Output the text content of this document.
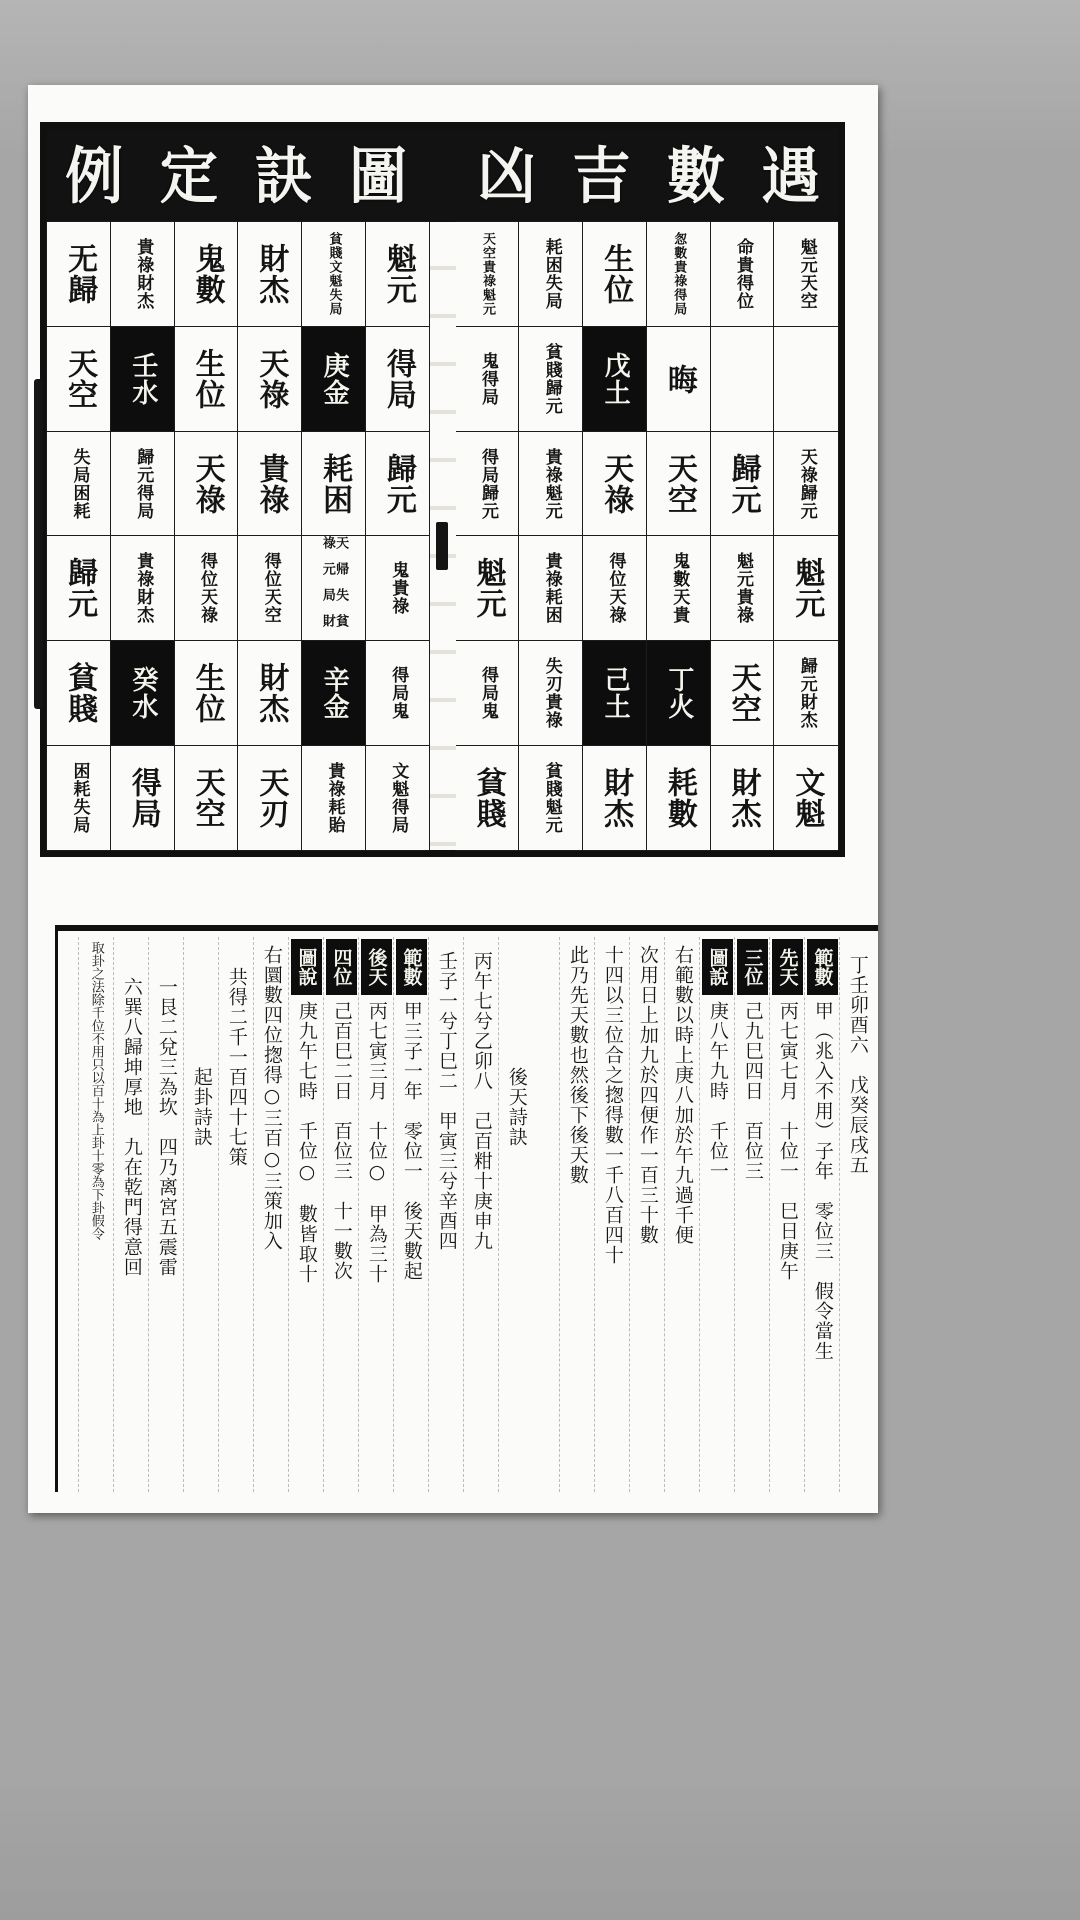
例 定 訣 圖 凶 吉 數 遇
无歸
天空
失局
困耗
歸元
貧賤
困耗
失局
貴祿
財杰
壬水
歸元
得局
貴祿
財杰
癸水
得局
鬼數
生位
天祿
得位
天祿
生位
天空
財杰
天祿
貴祿
得位
天空
財杰
天刃
貧賤
文魁
失局
庚金
耗困
天祿
帰元
失局
貧財
辛金
貴祿
耗貽
魁元
得局
歸元
鬼
貴祿
得局
鬼
文魁
得局
天空
貴祿
魁元
鬼
得局
得局
歸元
魁元
得局
鬼
貧賤
耗困
失局
貧賤
歸元
貴祿
魁元
貴祿
耗困
失刃
貴祿
貧賤
魁元
生位
戊土
天祿
得位
天祿
己土
財杰
怱數
貴祿
得局
晦
天空
鬼數
天貴
丁火
耗數
命貴
得位
歸元
魁元
貴祿
天空
財杰
魁元
天空
天祿
歸元
魁元
歸元
財杰
文魁
丁壬卯酉六　戊癸辰戌五
範數
甲（兆入不用）子年　零位三　假令當生
先天
丙七寅七月　十位一　巳日庚午
三位
己九巳四日　百位三
圖說
庚八午九時　千位一
右範數以時上庚八加於午九過千便
次用日上加九於四便作一百三十數
十四以三位合之揔得數一千八百四十
此乃先天數也然後下後天數
後天詩訣
丙午七兮乙卯八　己百粓十庚申九
壬子一兮丁巳二　甲寅三兮辛酉四
範數
甲三子一年　零位一　後天數起
後天
丙七寅三月　十位○　甲為三十
四位
己百巳二日　百位三　十一數次
圖說
庚九午七時　千位○　數皆取十
右圜數四位揔得○三百○三策加入
共得二千一百四十七策
起卦詩訣
一艮二兌三為坎　四乃离宮五震雷
六巽八歸坤厚地　九在乾門得意回
取卦之法除千位不用只以百十為上卦十零為下卦假令
